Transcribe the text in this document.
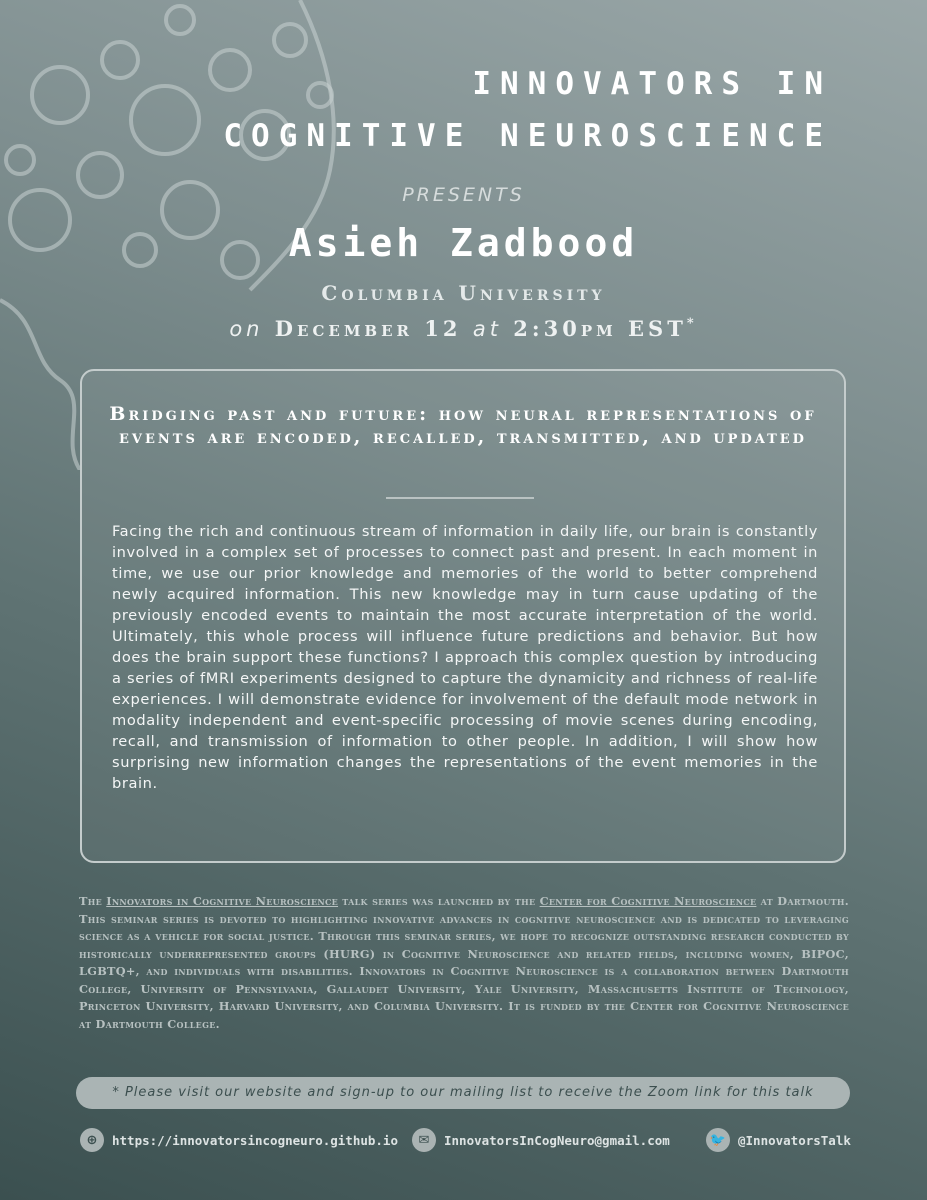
INNOVATORS IN
COGNITIVE NEUROSCIENCE
PRESENTS
Asieh Zadbood
Columbia University
on December 12 at 2:30pm EST*
Bridging past and future: how neural representations of events are encoded, recalled, transmitted, and updated
Facing the rich and continuous stream of information in daily life, our brain is constantly involved in a complex set of processes to connect past and present. In each moment in time, we use our prior knowledge and memories of the world to better comprehend newly acquired information. This new knowledge may in turn cause updating of the previously encoded events to maintain the most accurate interpretation of the world. Ultimately, this whole process will influence future predictions and behavior. But how does the brain support these functions? I approach this complex question by introducing a series of fMRI experiments designed to capture the dynamicity and richness of real-life experiences. I will demonstrate evidence for involvement of the default mode network in modality independent and event-specific processing of movie scenes during encoding, recall, and transmission of information to other people. In addition, I will show how surprising new information changes the representations of the event memories in the brain.
The Innovators in Cognitive Neuroscience talk series was launched by the Center for Cognitive Neuroscience at Dartmouth. This seminar series is devoted to highlighting innovative advances in cognitive neuroscience and is dedicated to leveraging science as a vehicle for social justice. Through this seminar series, we hope to recognize outstanding research conducted by historically underrepresented groups (HURG) in Cognitive Neuroscience and related fields, including women, BIPOC, LGBTQ+, and individuals with disabilities. Innovators in Cognitive Neuroscience is a collaboration between Dartmouth College, University of Pennsylvania, Gallaudet University, Yale University, Massachusetts Institute of Technology, Princeton University, Harvard University, and Columbia University. It is funded by the Center for Cognitive Neuroscience at Dartmouth College.
* Please visit our website and sign-up to our mailing list to receive the Zoom link for this talk
⊕	https://innovatorsincogneuro.github.io	✉	InnovatorsInCogNeuro@gmail.com	🐦 @InnovatorsTalk
